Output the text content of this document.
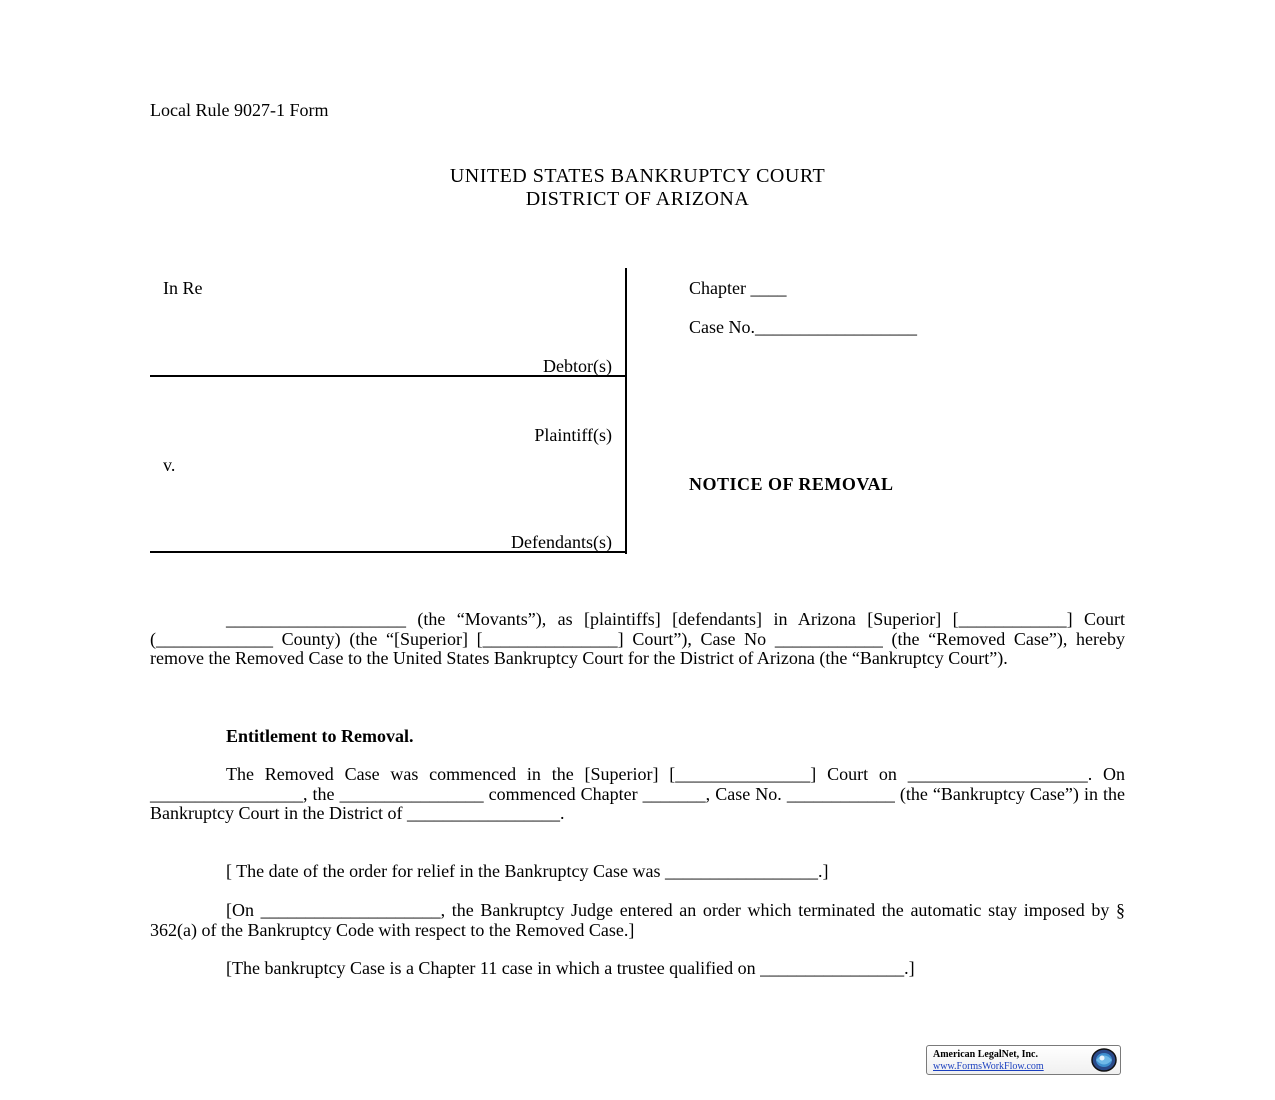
Local Rule 9027-1 Form
UNITED STATES BANKRUPTCY COURT
DISTRICT OF ARIZONA
In Re
Debtor(s)
Plaintiff(s)
v.
Defendants(s)
Chapter ____
Case No.__________________
NOTICE OF REMOVAL
____________________ (the “Movants”), as [plaintiffs] [defendants] in Arizona [Superior] [____________] Court (_____________ County) (the “[Superior] [_______________] Court”), Case No ____________ (the “Removed Case”), hereby remove the Removed Case to the United States Bankruptcy Court for the District of Arizona (the “Bankruptcy Court”).
Entitlement to Removal.
The Removed Case was commenced in the [Superior] [_______________] Court on ____________________. On _________________, the ________________ commenced Chapter _______, Case No. ____________ (the “Bankruptcy Case”) in the Bankruptcy Court in the District of _________________.
[ The date of the order for relief in the Bankruptcy Case was _________________.]
[On ____________________, the Bankruptcy Judge entered an order which terminated the automatic stay imposed by § 362(a) of the Bankruptcy Code with respect to the Removed Case.]
[The bankruptcy Case is a Chapter 11 case in which a trustee qualified on ________________.]
American LegalNet, Inc.
www.FormsWorkFlow.com
